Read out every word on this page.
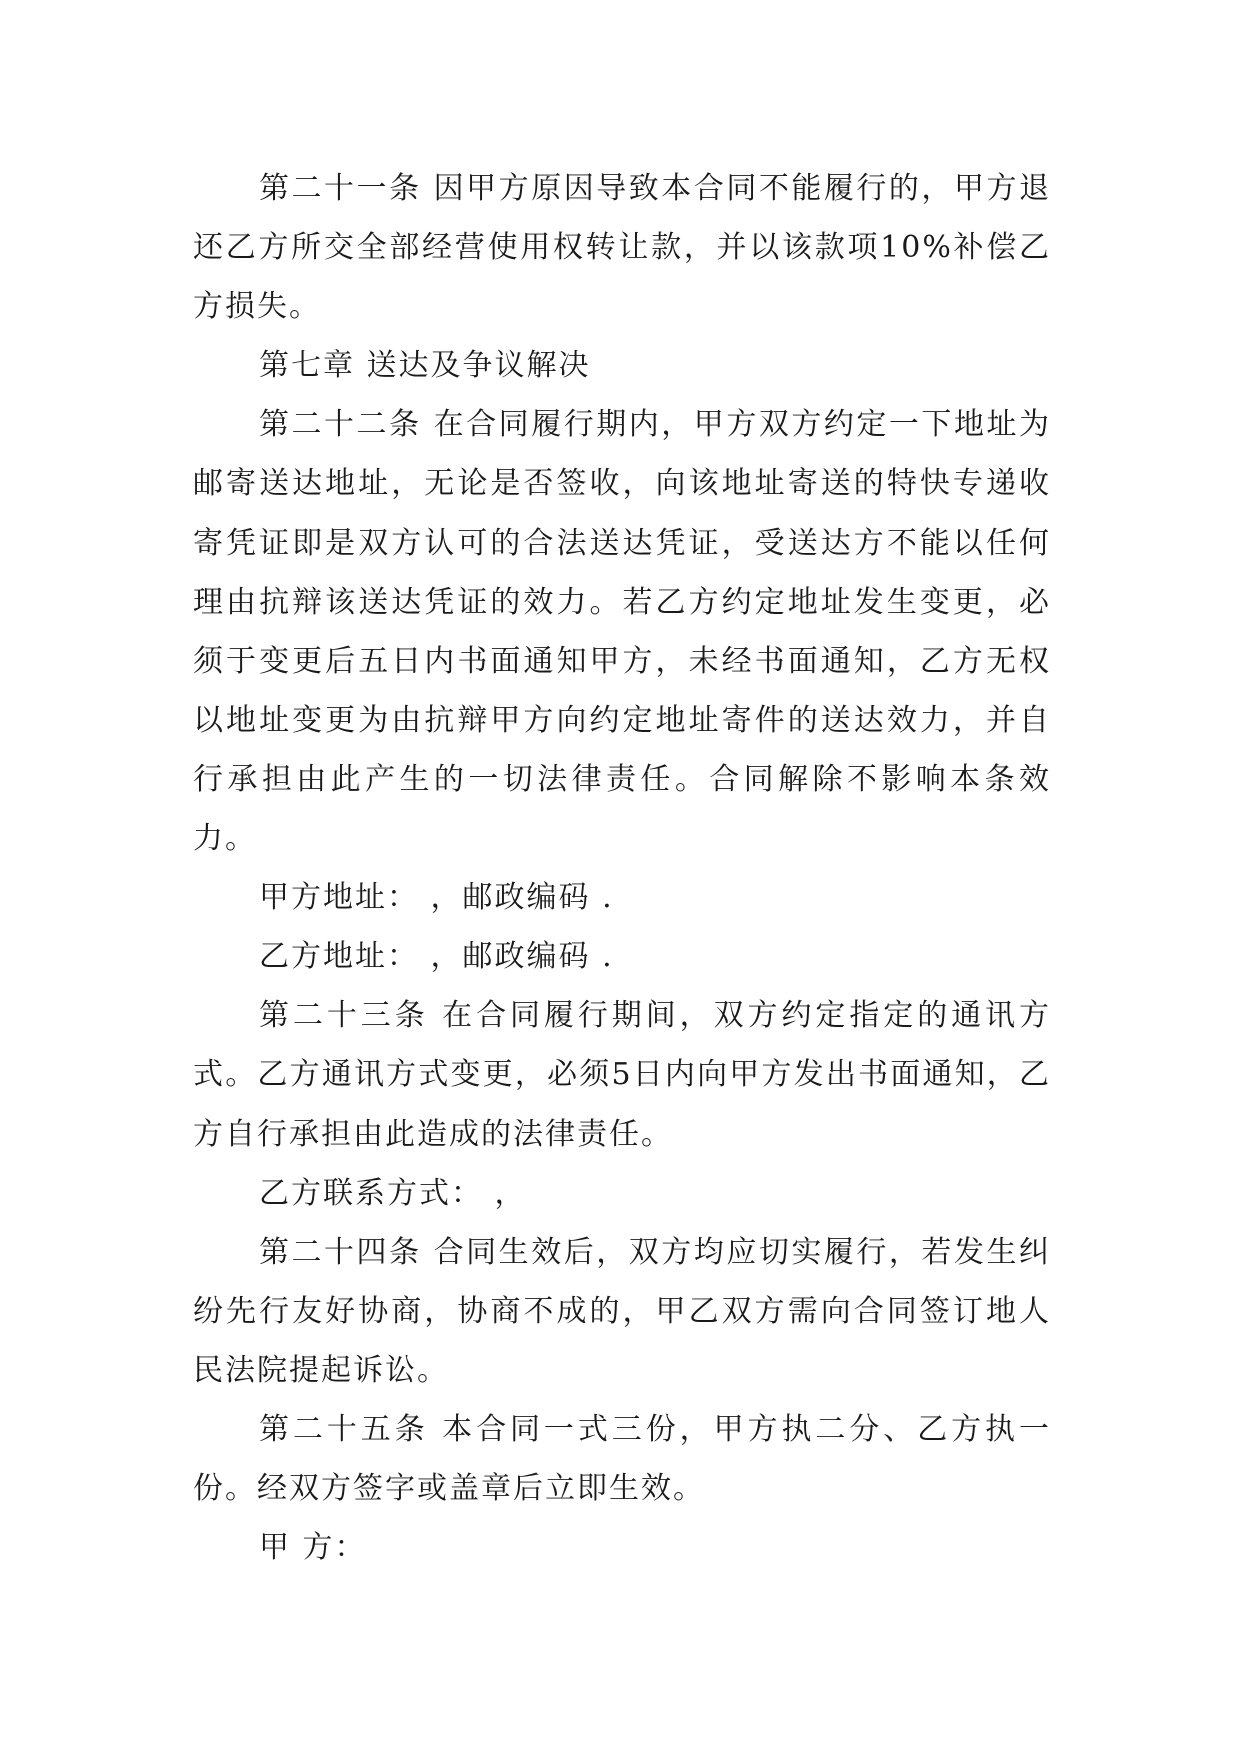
第二十一条 因甲方原因导致本合同不能履行的，甲方退还乙方所交全部经营使用权转让款，并以该款项10%补偿乙方损失。

第七章 送达及争议解决

第二十二条 在合同履行期内，甲方双方约定一下地址为邮寄送达地址，无论是否签收，向该地址寄送的特快专递收寄凭证即是双方认可的合法送达凭证，受送达方不能以任何理由抗辩该送达凭证的效力。若乙方约定地址发生变更，必须于变更后五日内书面通知甲方，未经书面通知，乙方无权以地址变更为由抗辩甲方向约定地址寄件的送达效力，并自行承担由此产生的一切法律责任。合同解除不影响本条效力。

甲方地址： ，邮政编码 .

乙方地址： ，邮政编码 .

第二十三条 在合同履行期间，双方约定指定的通讯方式。乙方通讯方式变更，必须5日内向甲方发出书面通知，乙方自行承担由此造成的法律责任。

乙方联系方式： ，

第二十四条 合同生效后，双方均应切实履行，若发生纠纷先行友好协商，协商不成的，甲乙双方需向合同签订地人民法院提起诉讼。

第二十五条 本合同一式三份，甲方执二分、乙方执一份。经双方签字或盖章后立即生效。

甲 方：
